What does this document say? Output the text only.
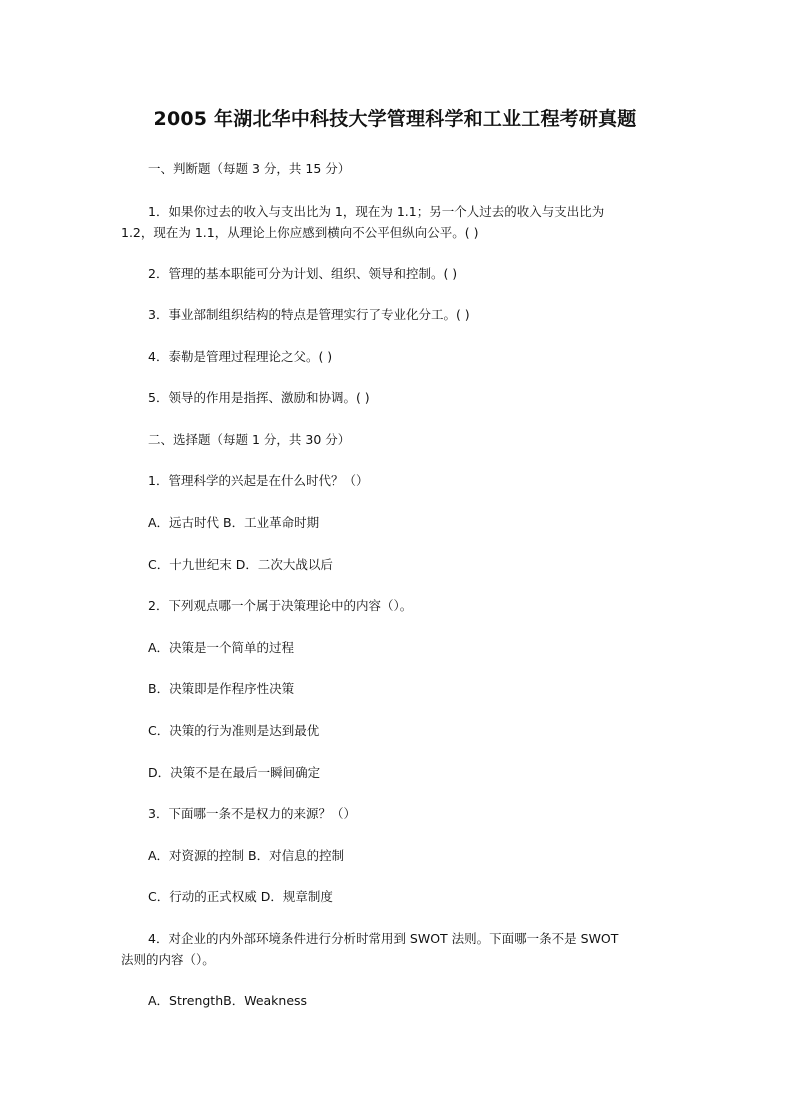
2005 年湖北华中科技大学管理科学和工业工程考研真题
一、判断题（每题 3 分，共 15 分）
1．如果你过去的收入与支出比为 1，现在为 1.1；另一个人过去的收入与支出比为
1.2，现在为 1.1，从理论上你应感到横向不公平但纵向公平。( )
2．管理的基本职能可分为计划、组织、领导和控制。( )
3．事业部制组织结构的特点是管理实行了专业化分工。( )
4．泰勒是管理过程理论之父。( )
5．领导的作用是指挥、激励和协调。( )
二、选择题（每题 1 分，共 30 分）
1．管理科学的兴起是在什么时代？（）
A．远古时代 B．工业革命时期
C．十九世纪末 D．二次大战以后
2．下列观点哪一个属于决策理论中的内容（）。
A．决策是一个简单的过程
B．决策即是作程序性决策
C．决策的行为准则是达到最优
D．决策不是在最后一瞬间确定
3．下面哪一条不是权力的来源？（）
A．对资源的控制 B．对信息的控制
C．行动的正式权威 D．规章制度
4．对企业的内外部环境条件进行分析时常用到 SWOT 法则。下面哪一条不是 SWOT
法则的内容（）。
A．StrengthB．Weakness
